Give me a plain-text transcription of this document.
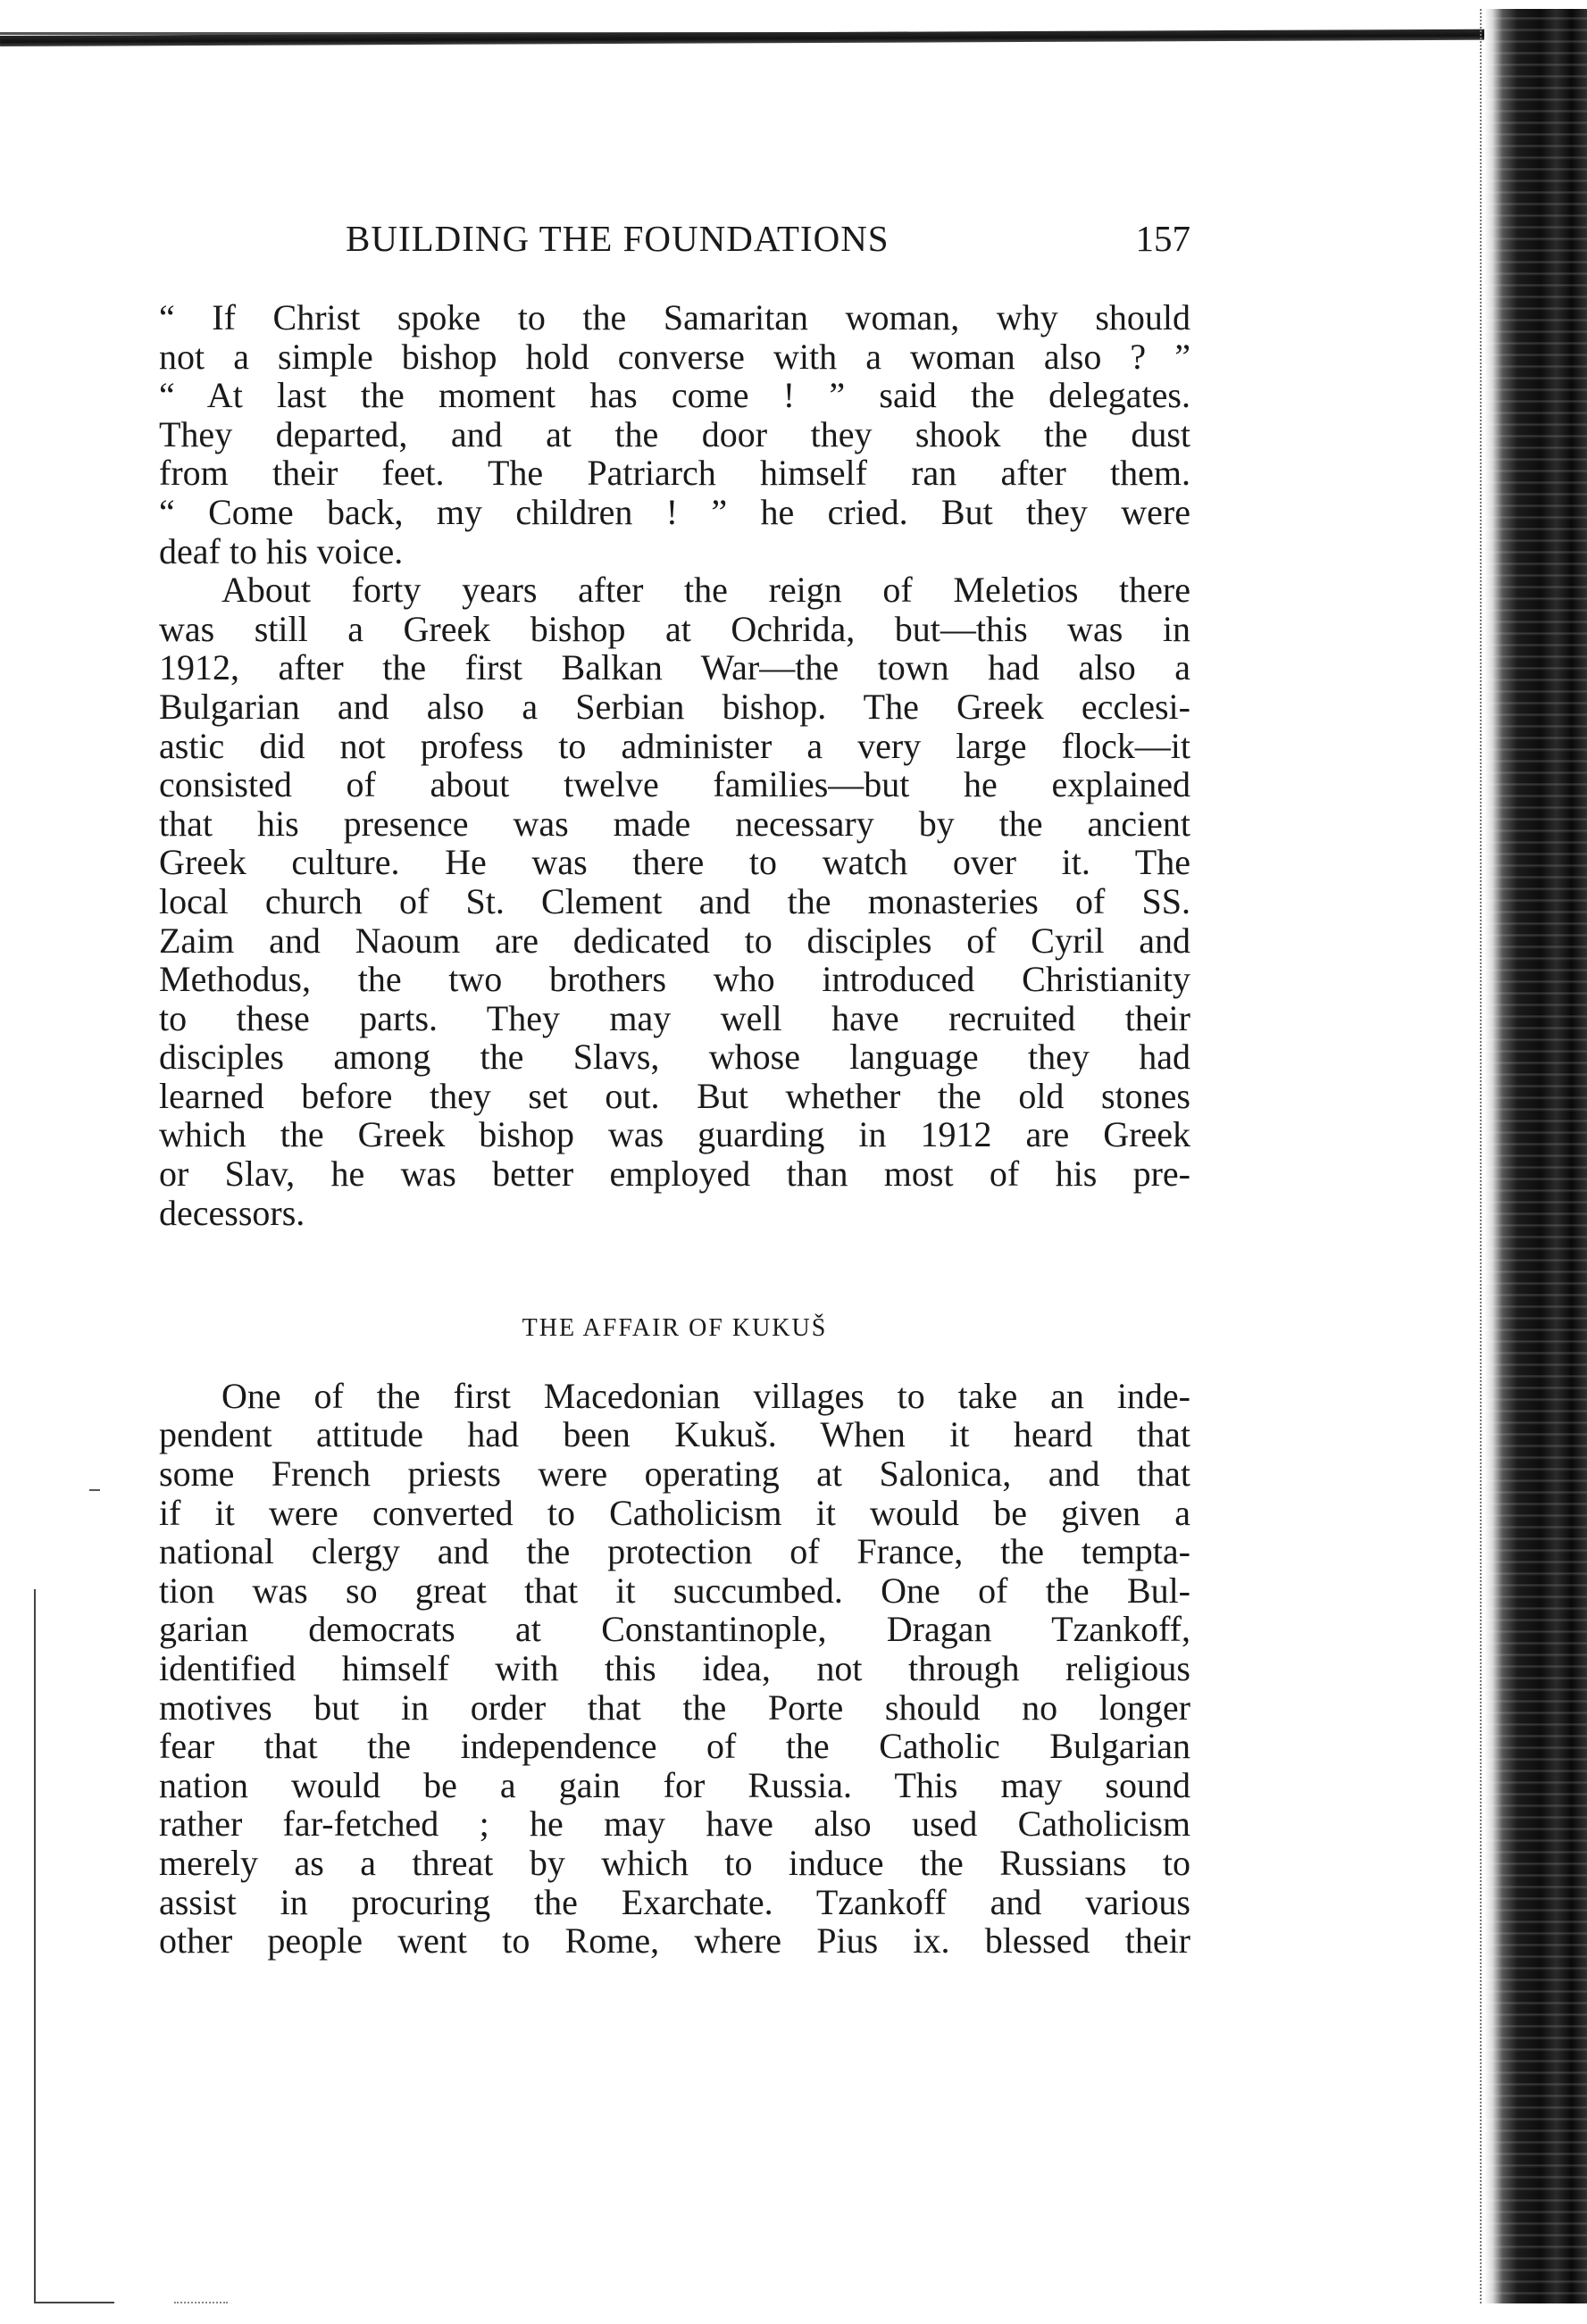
BUILDING THE FOUNDATIONS	157
“ If Christ spoke to the Samaritan woman, why should
not a simple bishop hold converse with a woman also ? ”
“ At last the moment has come ! ” said the delegates.
They departed, and at the door they shook the dust
from their feet. The Patriarch himself ran after them.
“ Come back, my children ! ” he cried. But they were
deaf to his voice.
About forty years after the reign of Meletios there
was still a Greek bishop at Ochrida, but—this was in
1912, after the first Balkan War—the town had also a
Bulgarian and also a Serbian bishop. The Greek ecclesi-
astic did not profess to administer a very large flock—it
consisted of about twelve families—but he explained
that his presence was made necessary by the ancient
Greek culture. He was there to watch over it. The
local church of St. Clement and the monasteries of SS.
Zaim and Naoum are dedicated to disciples of Cyril and
Methodus, the two brothers who introduced Christianity
to these parts. They may well have recruited their
disciples among the Slavs, whose language they had
learned before they set out. But whether the old stones
which the Greek bishop was guarding in 1912 are Greek
or Slav, he was better employed than most of his pre-
decessors.
THE AFFAIR OF KUKUŠ
One of the first Macedonian villages to take an inde-
pendent attitude had been Kukuš. When it heard that
some French priests were operating at Salonica, and that
if it were converted to Catholicism it would be given a
national clergy and the protection of France, the tempta-
tion was so great that it succumbed. One of the Bul-
garian democrats at Constantinople, Dragan Tzankoff,
identified himself with this idea, not through religious
motives but in order that the Porte should no longer
fear that the independence of the Catholic Bulgarian
nation would be a gain for Russia. This may sound
rather far-fetched ; he may have also used Catholicism
merely as a threat by which to induce the Russians to
assist in procuring the Exarchate. Tzankoff and various
other people went to Rome, where Pius ix. blessed their
